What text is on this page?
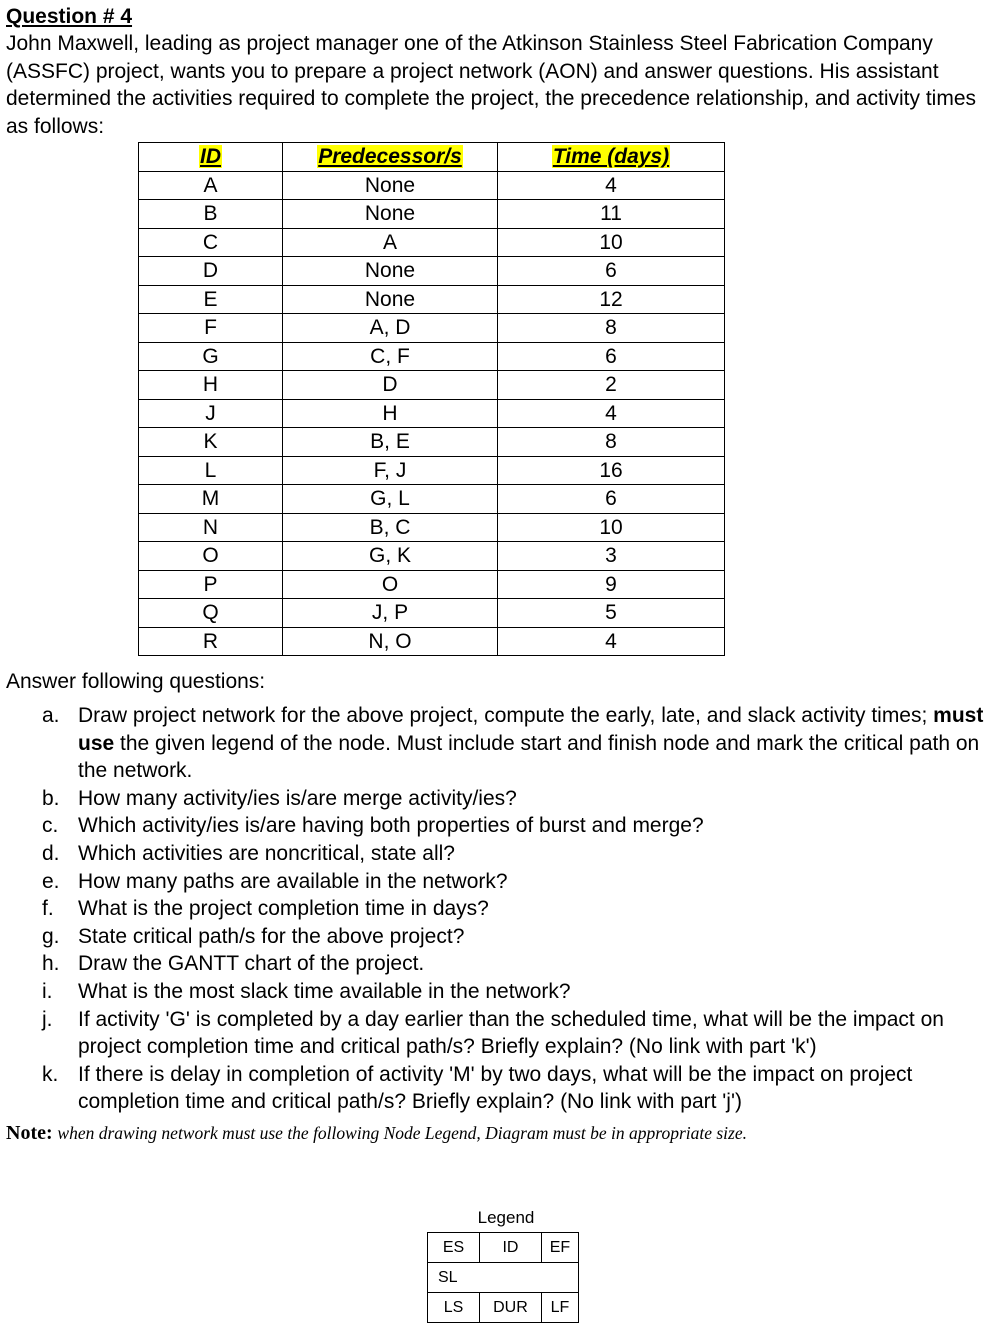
Question # 4

John Maxwell, leading as project manager one of the Atkinson Stainless Steel Fabrication Company (ASSFC) project, wants you to prepare a project network (AON) and answer questions. His assistant determined the activities required to complete the project, the precedence relationship, and activity times as follows:

ID	Predecessor/s	Time (days)
A	None	4
B	None	11
C	A	10
D	None	6
E	None	12
F	A, D	8
G	C, F	6
H	D	2
J	H	4
K	B, E	8
L	F, J	16
M	G, L	6
N	B, C	10
O	G, K	3
P	O	9
Q	J, P	5
R	N, O	4

Answer following questions:

a. Draw project network for the above project, compute the early, late, and slack activity times; must use the given legend of the node. Must include start and finish node and mark the critical path on the network.
b. How many activity/ies is/are merge activity/ies?
c. Which activity/ies is/are having both properties of burst and merge?
d. Which activities are noncritical, state all?
e. How many paths are available in the network?
f. What is the project completion time in days?
g. State critical path/s for the above project?
h. Draw the GANTT chart of the project.
i. What is the most slack time available in the network?
j. If activity 'G' is completed by a day earlier than the scheduled time, what will be the impact on project completion time and critical path/s? Briefly explain? (No link with part 'k')
k. If there is delay in completion of activity 'M' by two days, what will be the impact on project completion time and critical path/s? Briefly explain? (No link with part 'j')
Note: when drawing network must use the following Node Legend, Diagram must be in appropriate size.
Legend
ES	ID	EF
SL		
LS	DUR	LF
